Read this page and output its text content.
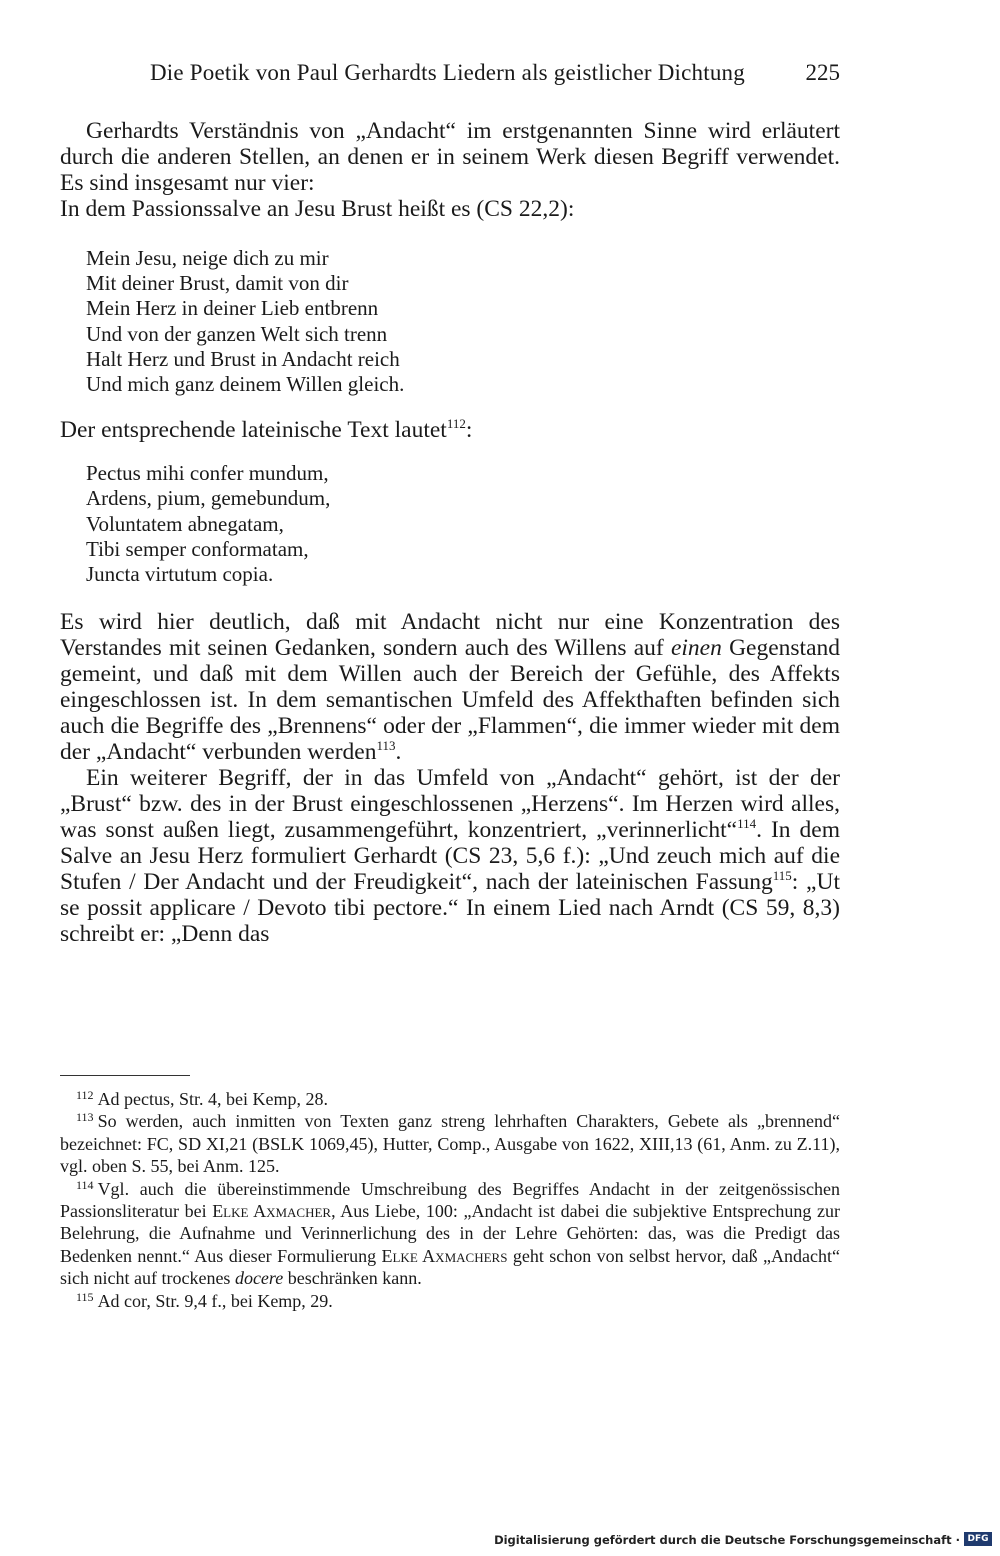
Die Poetik von Paul Gerhardts Liedern als geistlicher Dichtung	225

Gerhardts Verständnis von „Andacht“ im erstgenannten Sinne wird erläutert durch die anderen Stellen, an denen er in seinem Werk diesen Begriff verwendet. Es sind insgesamt nur vier:

In dem Passionssalve an Jesu Brust heißt es (CS 22,2):

Mein Jesu, neige dich zu mir
Mit deiner Brust, damit von dir
Mein Herz in deiner Lieb entbrenn
Und von der ganzen Welt sich trenn
Halt Herz und Brust in Andacht reich
Und mich ganz deinem Willen gleich.

Der entsprechende lateinische Text lautet$^{112}$:

Pectus mihi confer mundum,
Ardens, pium, gemebundum,
Voluntatem abnegatam,
Tibi semper conformatam,
Juncta virtutum copia.

Es wird hier deutlich, daß mit Andacht nicht nur eine Konzentration des Verstandes mit seinen Gedanken, sondern auch des Willens auf einen Gegenstand gemeint, und daß mit dem Willen auch der Bereich der Gefühle, des Affekts eingeschlossen ist. In dem semantischen Umfeld des Affekthaften befinden sich auch die Begriffe des „Brennens“ oder der „Flammen“, die immer wieder mit dem der „Andacht“ verbunden werden$^{113}$.

Ein weiterer Begriff, der in das Umfeld von „Andacht“ gehört, ist der der „Brust“ bzw. des in der Brust eingeschlossenen „Herzens“. Im Herzen wird alles, was sonst außen liegt, zusammengeführt, konzentriert, „verinnerlicht“$^{114}$. In dem Salve an Jesu Herz formuliert Gerhardt (CS 23, 5,6 f.): „Und zeuch mich auf die Stufen / Der Andacht und der Freudigkeit“, nach der lateinischen Fassung$^{115}$: „Ut se possit applicare / Devoto tibi pectore.“ In einem Lied nach Arndt (CS 59, 8,3) schreibt er: „Denn das

$^{112}$ Ad pectus, Str. 4, bei Kemp, 28.

$^{113}$ So werden, auch inmitten von Texten ganz streng lehrhaften Charakters, Gebete als „brennend“ bezeichnet: FC, SD XI,21 (BSLK 1069,45), Hutter, Comp., Ausgabe von 1622, XIII,13 (61, Anm. zu Z.11), vgl. oben S. 55, bei Anm. 125.

$^{114}$ Vgl. auch die übereinstimmende Umschreibung des Begriffes Andacht in der zeitgenössischen Passionsliteratur bei Elke Axmacher, Aus Liebe, 100: „Andacht ist dabei die subjektive Entsprechung zur Belehrung, die Aufnahme und Verinnerlichung des in der Lehre Gehörten: das, was die Predigt das Bedenken nennt.“ Aus dieser Formulierung Elke Axmachers geht schon von selbst hervor, daß „Andacht“ sich nicht auf trockenes docere beschränken kann.

$^{115}$ Ad cor, Str. 9,4 f., bei Kemp, 29.

Digitalisierung gefördert durch die Deutsche Forschungsgemeinschaft · DFG
